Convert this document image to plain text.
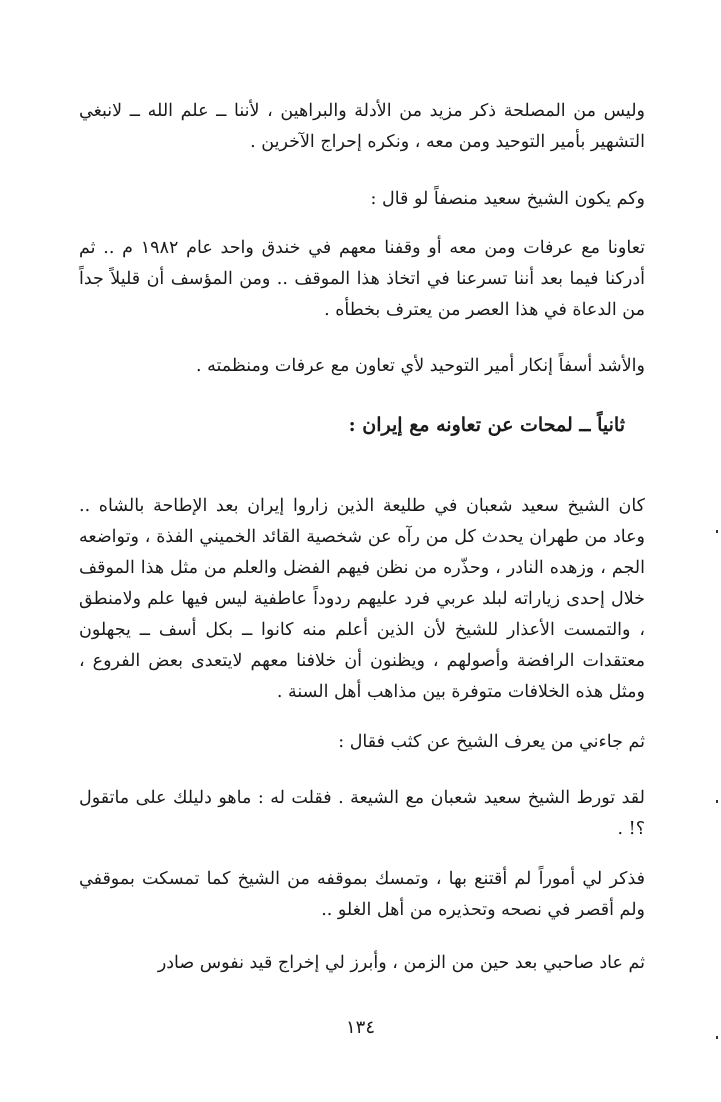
وليس من المصلحة ذكر مزيد من الأدلة والبراهين ، لأننا ــ علم الله ــ لانبغي التشهير بأمير التوحيد ومن معه ، ونكره إحراج الآخرين .

وكم يكون الشيخ سعيد منصفاً لو قال :

تعاونا مع عرفات ومن معه أو وقفنا معهم في خندق واحد عام ١٩٨٢ م .. ثم أدركنا فيما بعد أننا تسرعنا في اتخاذ هذا الموقف .. ومن المؤسف أن قليلاً جداً من الدعاة في هذا العصر من يعترف بخطأه .

والأشد أسفاً إنكار أمير التوحيد لأي تعاون مع عرفات ومنظمته .

ثانياً ــ لمحات عن تعاونه مع إيران :

كان الشيخ سعيد شعبان في طليعة الذين زاروا إيران بعد الإطاحة بالشاه .. وعاد من طهران يحدث كل من رآه عن شخصية القائد الخميني الفذة ، وتواضعه الجم ، وزهده النادر ، وحذّره من نظن فيهم الفضل والعلم من مثل هذا الموقف خلال إحدى زياراته لبلد عربي فرد عليهم ردوداً عاطفية ليس فيها علم ولامنطق ، والتمست الأعذار للشيخ لأن الذين أعلم منه كانوا ــ بكل أسف ــ يجهلون معتقدات الرافضة وأصولهم ، ويظنون أن خلافنا معهم لايتعدى بعض الفروع ، ومثل هذه الخلافات متوفرة بين مذاهب أهل السنة .

ثم جاءني من يعرف الشيخ عن كثب فقال :

لقد تورط الشيخ سعيد شعبان مع الشيعة . فقلت له : ماهو دليلك على ماتقول ؟! .

فذكر لي أموراً لم أقتنع بها ، وتمسك بموقفه من الشيخ كما تمسكت بموقفي ولم أقصر في نصحه وتحذيره من أهل الغلو ..

ثم عاد صاحبي بعد حين من الزمن ، وأبرز لي إخراج قيد نفوس صادر

١٣٤
